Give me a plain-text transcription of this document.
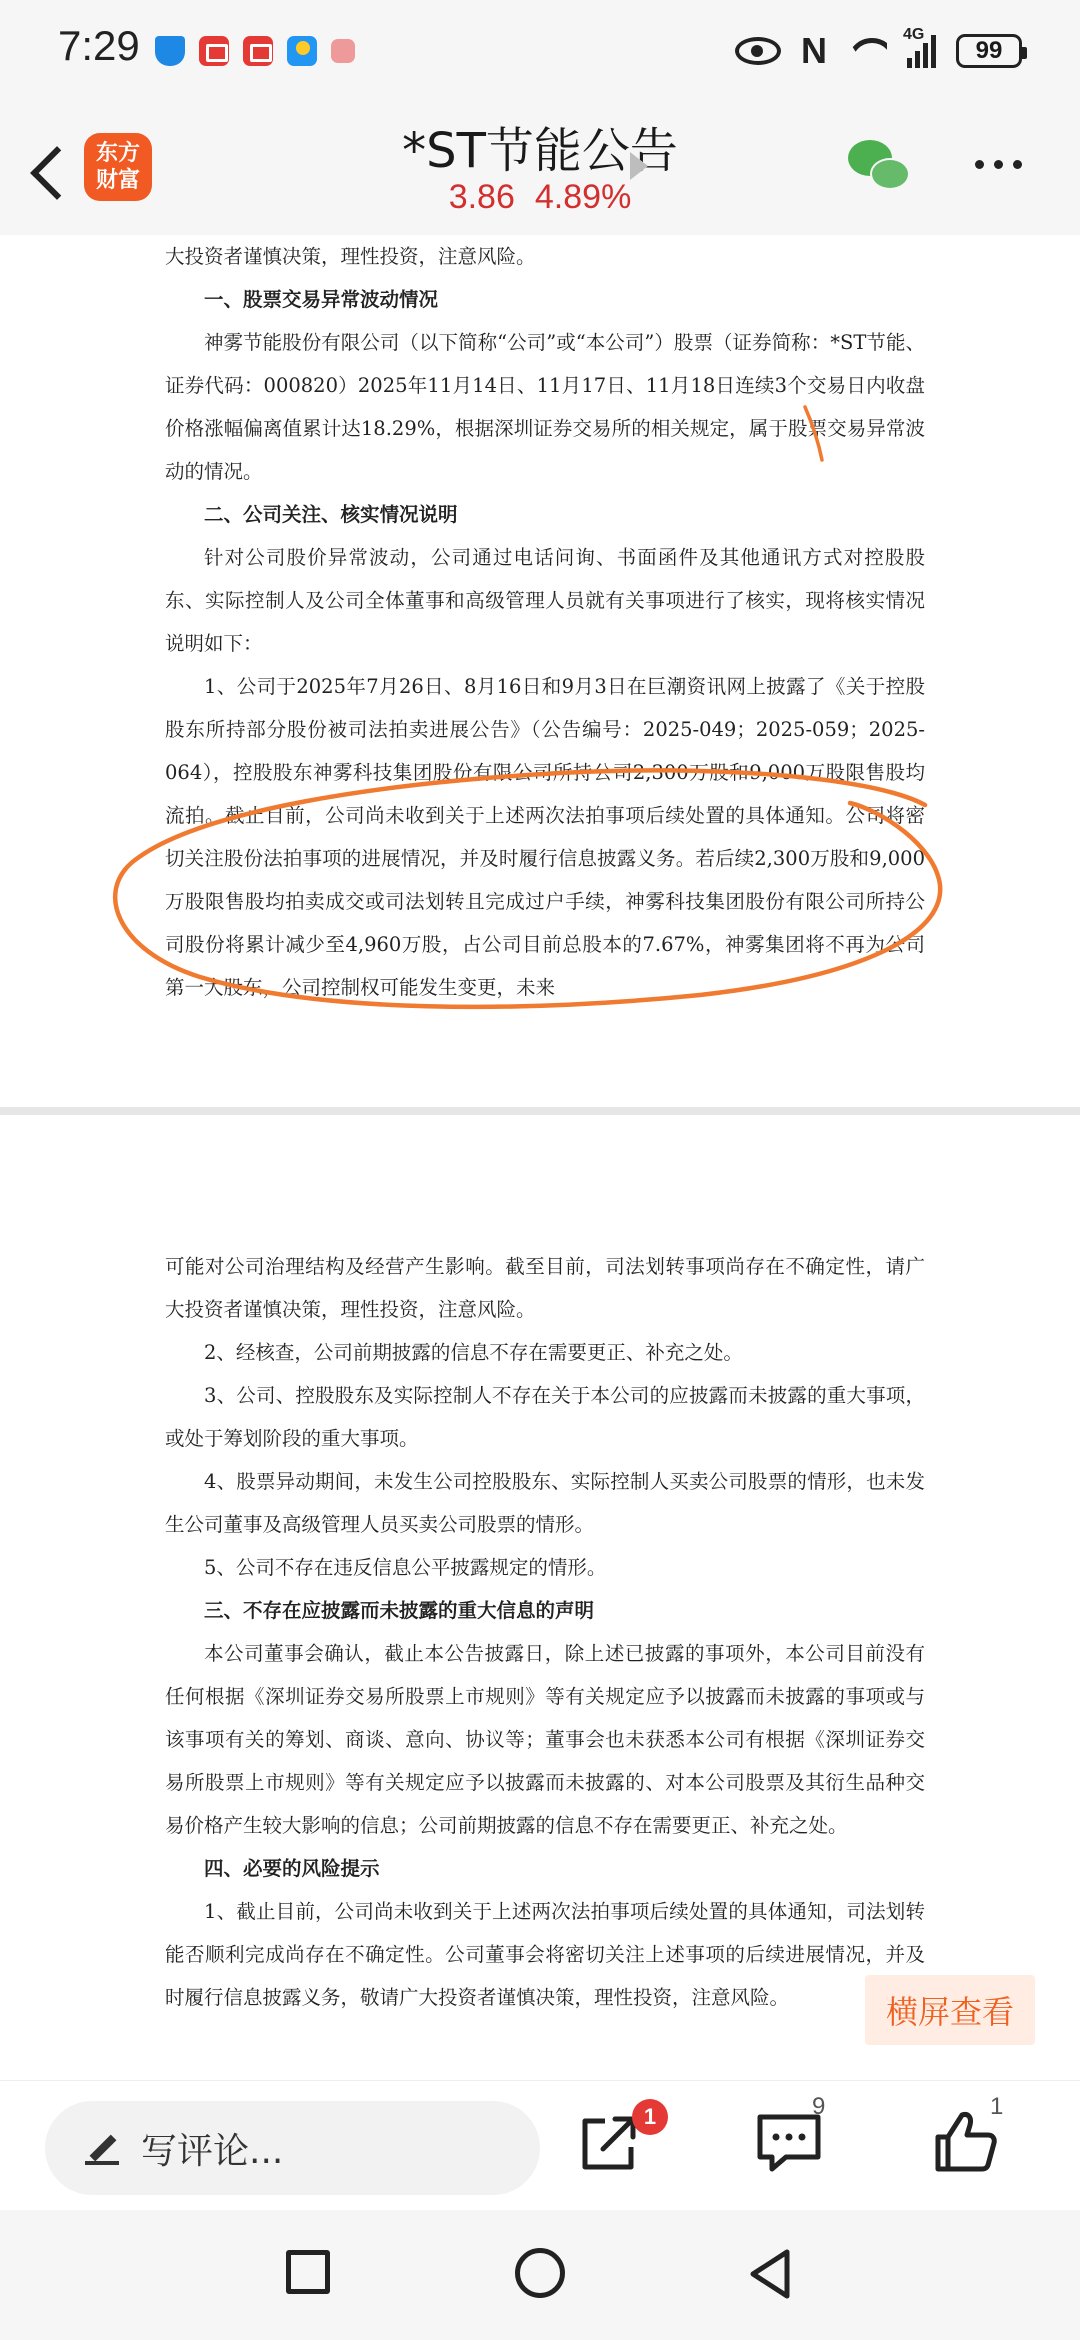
7:29	N	4G
99
东方财富
*ST节能公告
3.86 4.89%

大投资者谨慎决策，理性投资，注意风险。

一、股票交易异常波动情况

神雾节能股份有限公司（以下简称“公司”或“本公司”）股票（证券简称：*ST节能、证券代码：000820）2025年11月14日、11月17日、11月18日连续3个交易日内收盘价格涨幅偏离值累计达18.29%，根据深圳证券交易所的相关规定，属于股票交易异常波动的情况。

二、公司关注、核实情况说明

针对公司股价异常波动，公司通过电话问询、书面函件及其他通讯方式对控股股东、实际控制人及公司全体董事和高级管理人员就有关事项进行了核实，现将核实情况说明如下：

1、公司于2025年7月26日、8月16日和9月3日在巨潮资讯网上披露了《关于控股股东所持部分股份被司法拍卖进展公告》（公告编号：2025-049；2025-059；2025-064），控股股东神雾科技集团股份有限公司所持公司2,300万股和9,000万股限售股均流拍。截止目前，公司尚未收到关于上述两次法拍事项后续处置的具体通知。公司将密切关注股份法拍事项的进展情况，并及时履行信息披露义务。若后续2,300万股和9,000万股限售股均拍卖成交或司法划转且完成过户手续，神雾科技集团股份有限公司所持公司股份将累计减少至4,960万股，占公司目前总股本的7.67%，神雾集团将不再为公司第一大股东，公司控制权可能发生变更，未来

可能对公司治理结构及经营产生影响。截至目前，司法划转事项尚存在不确定性，请广大投资者谨慎决策，理性投资，注意风险。

2、经核查，公司前期披露的信息不存在需要更正、补充之处。

3、公司、控股股东及实际控制人不存在关于本公司的应披露而未披露的重大事项，或处于筹划阶段的重大事项。

4、股票异动期间，未发生公司控股股东、实际控制人买卖公司股票的情形，也未发生公司董事及高级管理人员买卖公司股票的情形。

5、公司不存在违反信息公平披露规定的情形。

三、不存在应披露而未披露的重大信息的声明

本公司董事会确认，截止本公告披露日，除上述已披露的事项外，本公司目前没有任何根据《深圳证券交易所股票上市规则》等有关规定应予以披露而未披露的事项或与该事项有关的筹划、商谈、意向、协议等；董事会也未获悉本公司有根据《深圳证券交易所股票上市规则》等有关规定应予以披露而未披露的、对本公司股票及其衍生品种交易价格产生较大影响的信息；公司前期披露的信息不存在需要更正、补充之处。

四、必要的风险提示

1、截止目前，公司尚未收到关于上述两次法拍事项后续处置的具体通知，司法划转能否顺利完成尚存在不确定性。公司董事会将密切关注上述事项的后续进展情况，并及时履行信息披露义务，敬请广大投资者谨慎决策，理性投资，注意风险。	横屏查看
写评论...
1	9	1
